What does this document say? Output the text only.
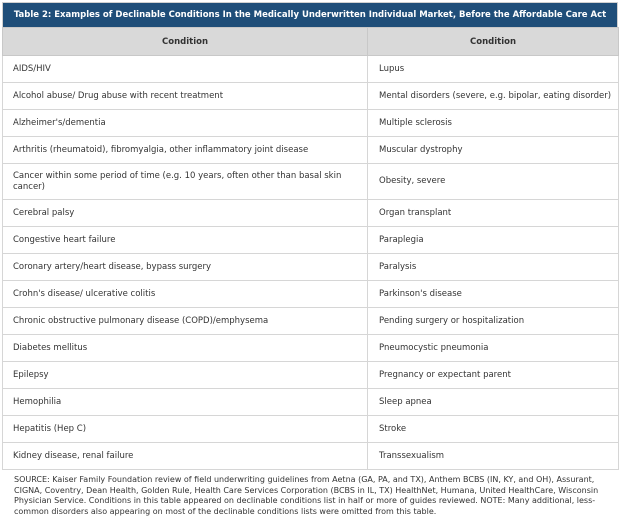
Table 2: Examples of Declinable Conditions In the Medically Underwritten Individual Market, Before the Affordable Care Act
Condition	Condition
AIDS/HIV	Lupus
Alcohol abuse/ Drug abuse with recent treatment	Mental disorders (severe, e.g. bipolar, eating disorder)
Alzheimer's/dementia	Multiple sclerosis
Arthritis (rheumatoid), fibromyalgia, other inflammatory joint disease	Muscular dystrophy
Cancer within some period of time (e.g. 10 years, often other than basal skin cancer)	Obesity, severe
Cerebral palsy	Organ transplant
Congestive heart failure	Paraplegia
Coronary artery/heart disease, bypass surgery	Paralysis
Crohn's disease/ ulcerative colitis	Parkinson's disease
Chronic obstructive pulmonary disease (COPD)/emphysema	Pending surgery or hospitalization
Diabetes mellitus	Pneumocystic pneumonia
Epilepsy	Pregnancy or expectant parent
Hemophilia	Sleep apnea
Hepatitis (Hep C)	Stroke
Kidney disease, renal failure	Transsexualism
SOURCE: Kaiser Family Foundation review of field underwriting guidelines from Aetna (GA, PA, and TX), Anthem BCBS (IN, KY, and OH), Assurant, CIGNA, Coventry, Dean Health, Golden Rule, Health Care Services Corporation (BCBS in IL, TX) HealthNet, Humana, United HealthCare, Wisconsin Physician Service. Conditions in this table appeared on declinable conditions list in half or more of guides reviewed. NOTE: Many additional, less-common disorders also appearing on most of the declinable conditions lists were omitted from this table.
